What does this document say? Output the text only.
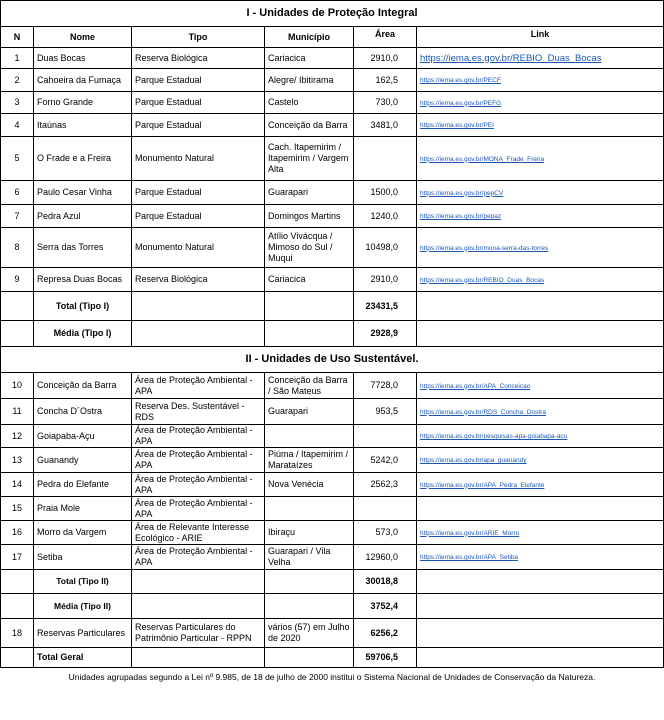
I - Unidades de Proteção Integral					
N	Nome	Tipo	Município	Área	Link
1	Duas Bocas	Reserva Biológica	Cariacica	2910,0	https://iema.es.gov.br/REBIO_Duas_Bocas
2	Cahoeira da Fumaça	Parque Estadual	Alegre/ Ibitirama	162,5	https://iema.es.gov.br/PECF
3	Forno Grande	Parque Estadual	Castelo	730,0	https://iema.es.gov.br/PEFG
4	Itaúnas	Parque Estadual	Conceição da Barra	3481,0	https://iema.es.gov.br/PEI
5	O Frade e a Freira	Monumento Natural	Cach. Itapemirim / Itapemirim / Vargem Alta		https://iema.es.gov.br/MONA_Frade_Freira
6	Paulo Cesar Vinha	Parque Estadual	Guarapari	1500,0	https://iema.es.gov.br/pepCV
7	Pedra Azul	Parque Estadual	Domingos Martins	1240,0	https://iema.es.gov.br/pepaz
8	Serra das Torres	Monumento Natural	Atílio Vivácqua / Mimoso do Sul / Muqui	10498,0	https://iema.es.gov.br/mona-serra-das-torres
9	Represa Duas Bocas	Reserva Biológica	Cariacica	2910,0	https://iema.es.gov.br/REBIO_Duas_Bocas
	Total (Tipo I)			23431,5	
	Média (Tipo I)			2928,9	
II - Unidades de Uso Sustentável.					
10	Conceição da Barra	Área de Proteção Ambiental - APA	Conceição da Barra / São Mateus	7728,0	https://iema.es.gov.br/APA_Conceicao
11	Concha D´Ostra	Reserva Des. Sustentável - RDS	Guarapari	953,5	https://iema.es.gov.br/RDS_Concha_Dostra
12	Goiapaba-Açu	Área de Proteção Ambiental - APA			https://iema.es.gov.br/pesquisas-apa-goiabapa-acu
13	Guanandy	Área de Proteção Ambiental - APA	Piúma / Itapemirim / Marataízes	5242,0	https://iema.es.gov.br/apa_guanandy
14	Pedra do Elefante	Área de Proteção Ambiental - APA	Nova Venécia	2562,3	https://iema.es.gov.br/APA_Pedra_Elefante
15	Praia Mole	Área de Proteção Ambiental - APA			
16	Morro da Vargem	Área de Relevante Interesse Ecológico - ARIE	Ibiraçu	573,0	https://iema.es.gov.br/ARIE_Morro
17	Setiba	Área de Proteção Ambiental - APA	Guarapari / Vila Velha	12960,0	https://iema.es.gov.br/APA_Setiba
	Total (Tipo II)			30018,8	
	Média (Tipo II)			3752,4	
18	Reservas Particulares	Reservas Particulares do Patrimônio Particular - RPPN	vários (57) em Julho de 2020	6256,2	
	Total Geral			59706,5	
Unidades agrupadas segundo a Lei nº 9.985, de 18 de julho de 2000 institui o Sistema Nacional de Unidades de Conservação da Natureza.					
